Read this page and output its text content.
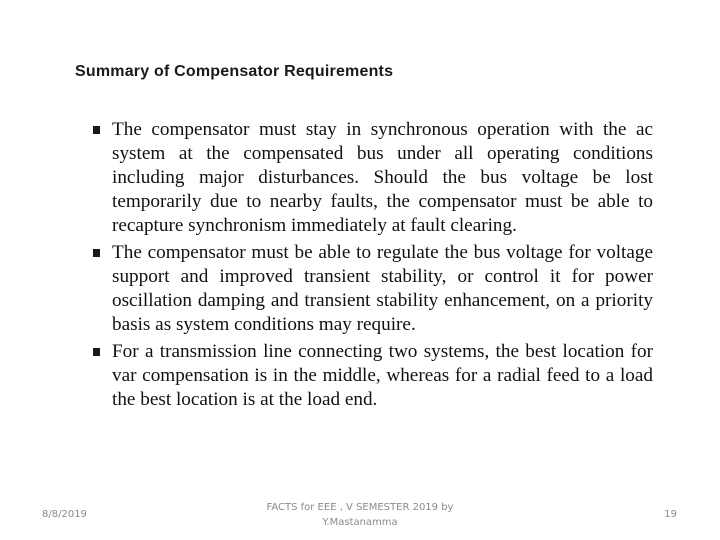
Summary of Compensator Requirements
The compensator must stay in synchronous operation with the ac system at the compensated bus under all operating conditions including major disturbances. Should the bus voltage be lost temporarily due to nearby faults, the compensator must be able to recapture synchronism immediately at fault clearing.
The compensator must be able to regulate the bus voltage for voltage support and improved transient stability, or control it for power oscillation damping and transient stability enhancement, on a priority basis as system conditions may require.
For a transmission line connecting two systems, the best location for var compensation is in the middle, whereas for a radial feed to a load the best location is at the load end.
8/8/2019
FACTS for EEE , V SEMESTER 2019 by
Y.Mastanamma
19
